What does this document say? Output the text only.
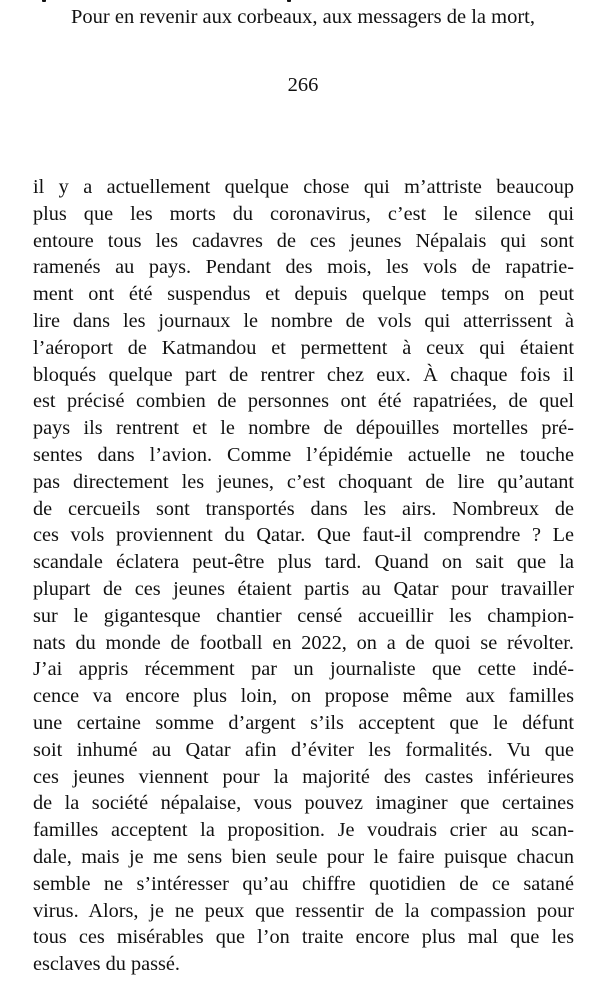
Pour en revenir aux corbeaux, aux messagers de la mort,
266
il y a actuellement quelque chose qui m’attriste beaucoup
plus que les morts du coronavirus, c’est le silence qui
entoure tous les cadavres de ces jeunes Népalais qui sont
ramenés au pays. Pendant des mois, les vols de rapatrie-
ment ont été suspendus et depuis quelque temps on peut
lire dans les journaux le nombre de vols qui atterrissent à
l’aéroport de Katmandou et permettent à ceux qui étaient
bloqués quelque part de rentrer chez eux. À chaque fois il
est précisé combien de personnes ont été rapatriées, de quel
pays ils rentrent et le nombre de dépouilles mortelles pré-
sentes dans l’avion. Comme l’épidémie actuelle ne touche
pas directement les jeunes, c’est choquant de lire qu’autant
de cercueils sont transportés dans les airs. Nombreux de
ces vols proviennent du Qatar. Que faut-il comprendre ? Le
scandale éclatera peut-être plus tard. Quand on sait que la
plupart de ces jeunes étaient partis au Qatar pour travailler
sur le gigantesque chantier censé accueillir les champion-
nats du monde de football en 2022, on a de quoi se révolter.
J’ai appris récemment par un journaliste que cette indé-
cence va encore plus loin, on propose même aux familles
une certaine somme d’argent s’ils acceptent que le défunt
soit inhumé au Qatar afin d’éviter les formalités. Vu que
ces jeunes viennent pour la majorité des castes inférieures
de la société népalaise, vous pouvez imaginer que certaines
familles acceptent la proposition. Je voudrais crier au scan-
dale, mais je me sens bien seule pour le faire puisque chacun
semble ne s’intéresser qu’au chiffre quotidien de ce satané
virus. Alors, je ne peux que ressentir de la compassion pour
tous ces misérables que l’on traite encore plus mal que les
esclaves du passé.
